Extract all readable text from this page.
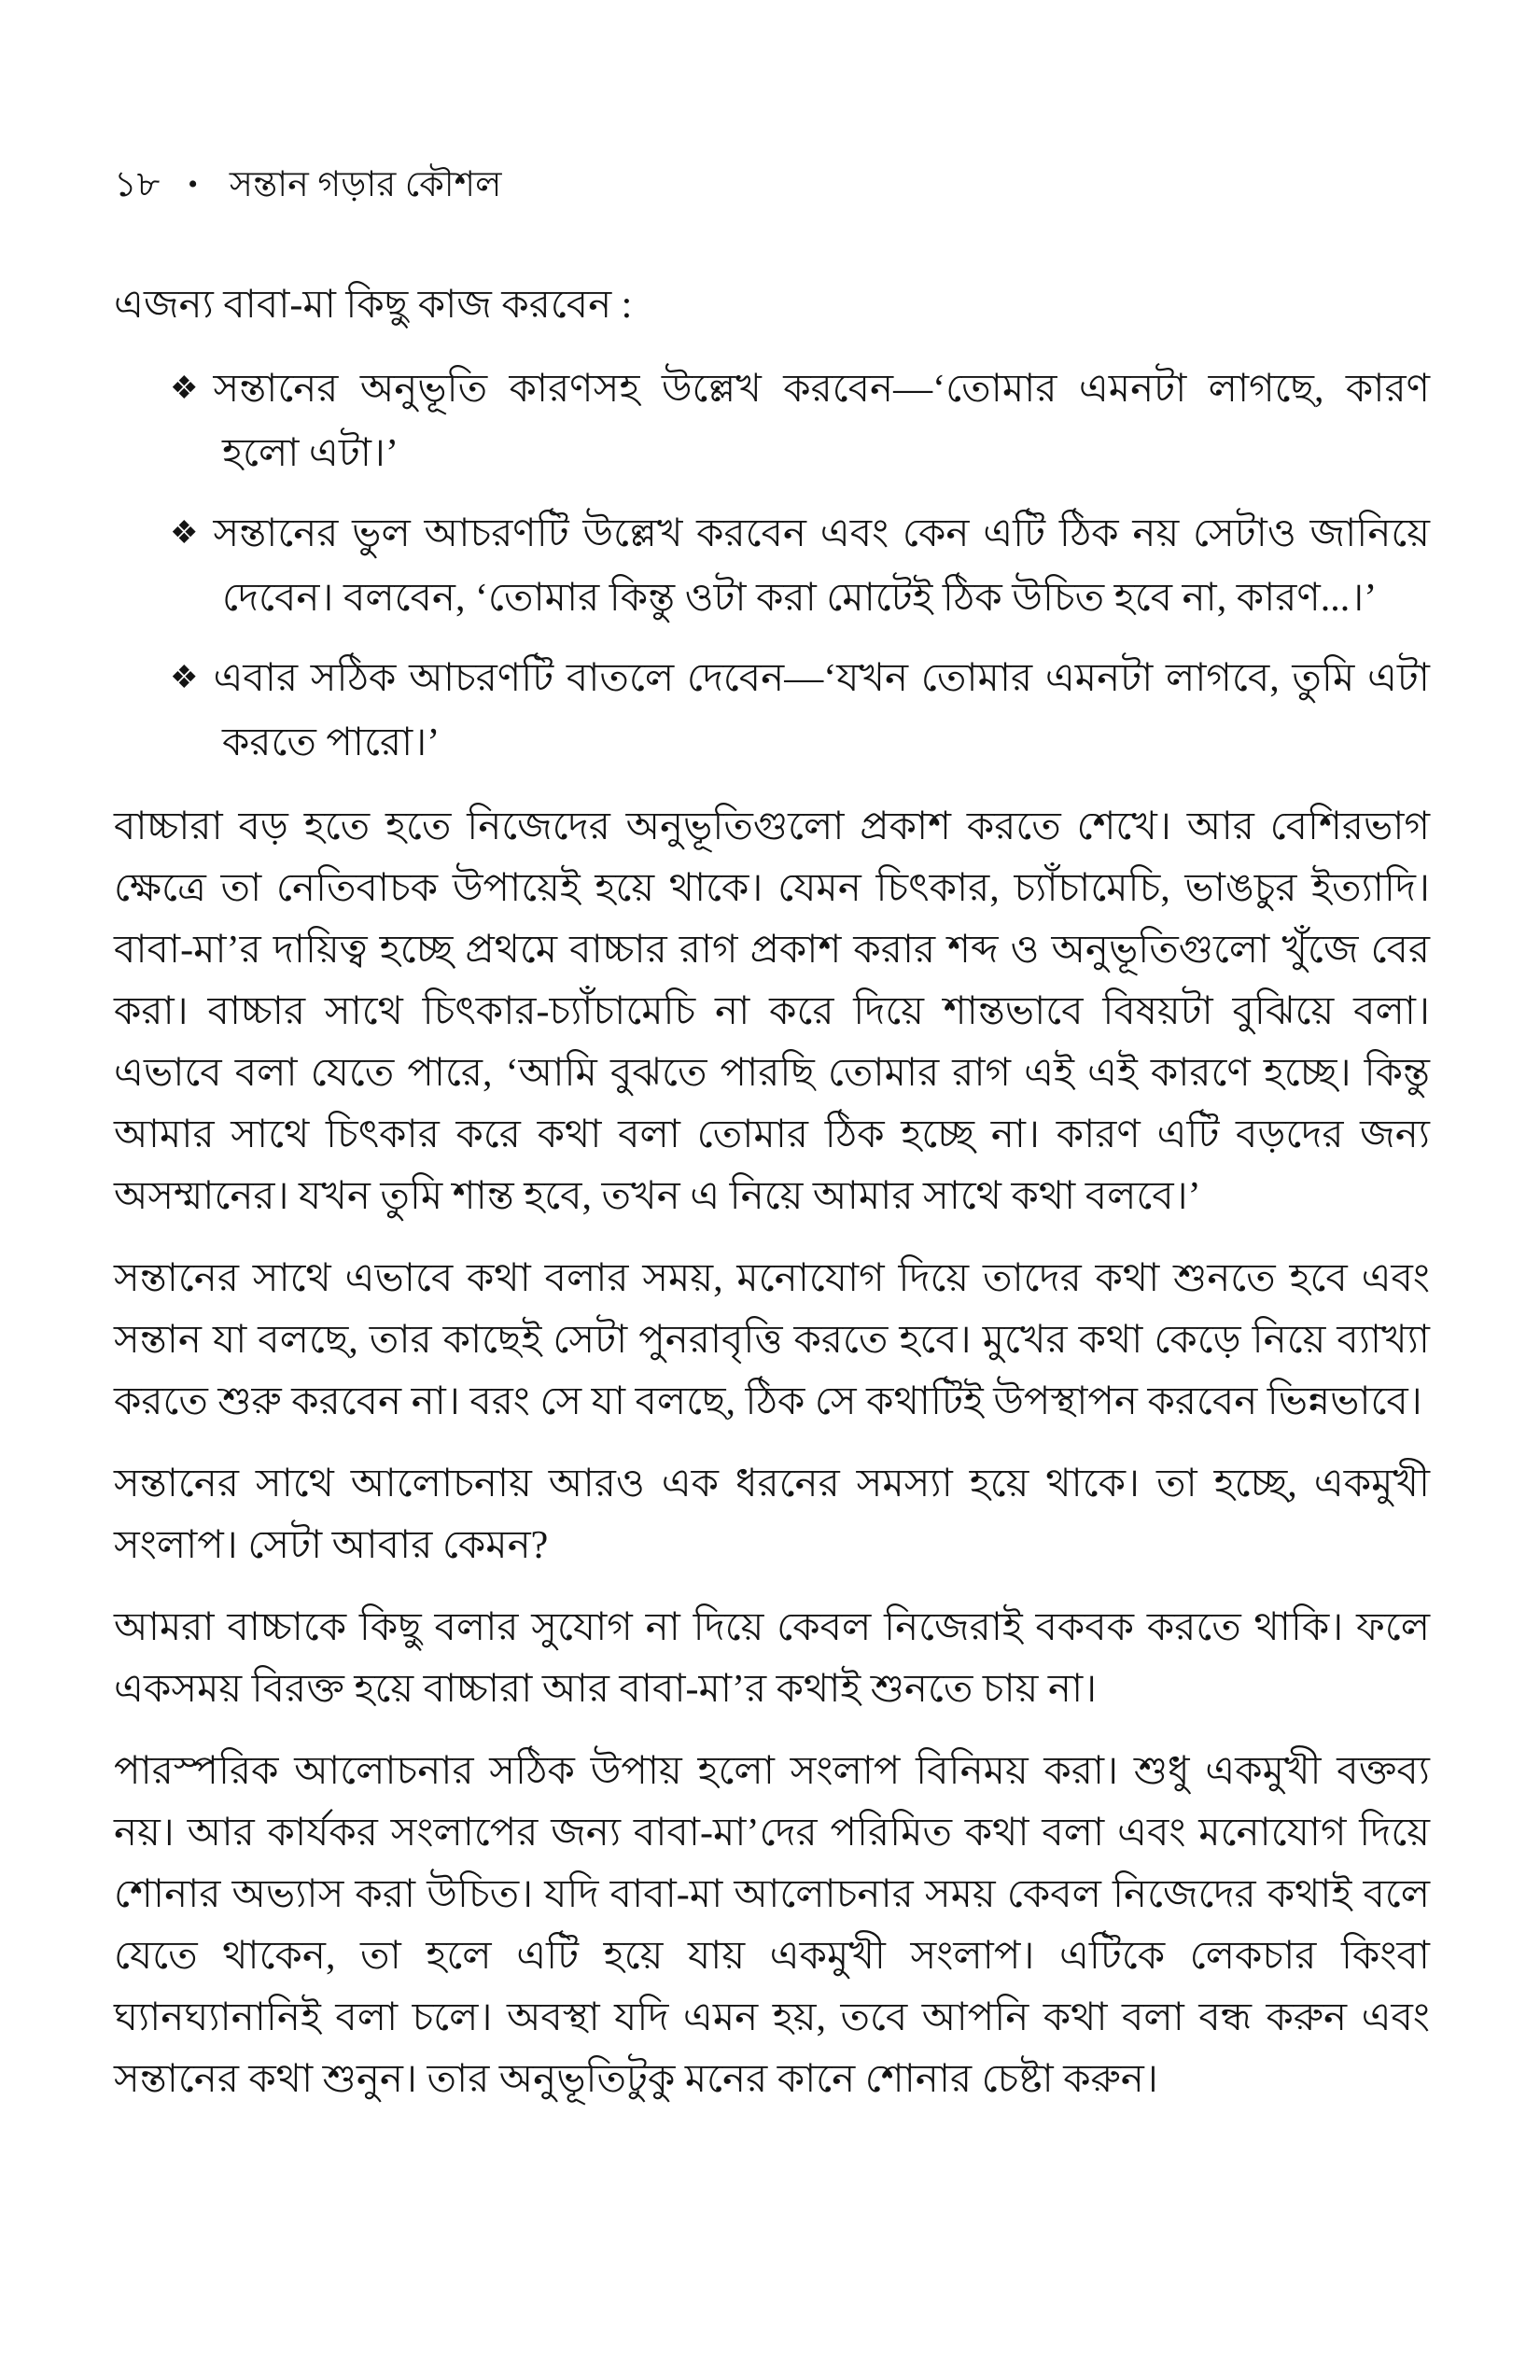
১৮ • সন্তান গড়ার কৌশল

এজন্য বাবা-মা কিছু কাজ করবেন :

❖ সন্তানের অনুভূতি কারণসহ উল্লেখ করবেন—‘তোমার এমনটা লাগছে, কারণ হলো এটা।’
❖ সন্তানের ভুল আচরণটি উল্লেখ করবেন এবং কেন এটি ঠিক নয় সেটাও জানিয়ে দেবেন। বলবেন, ‘তোমার কিন্তু ওটা করা মোটেই ঠিক উচিত হবে না, কারণ...।’
❖ এবার সঠিক আচরণটি বাতলে দেবেন—‘যখন তোমার এমনটা লাগবে, তুমি এটা করতে পারো।’

বাচ্চারা বড় হতে হতে নিজেদের অনুভূতিগুলো প্রকাশ করতে শেখে। আর বেশিরভাগ ক্ষেত্রে তা নেতিবাচক উপায়েই হয়ে থাকে। যেমন চিৎকার, চ্যাঁচামেচি, ভাঙচুর ইত্যাদি। বাবা-মা’র দায়িত্ব হচ্ছে প্রথমে বাচ্চার রাগ প্রকাশ করার শব্দ ও অনুভূতিগুলো খুঁজে বের করা। বাচ্চার সাথে চিৎকার-চ্যাঁচামেচি না করে দিয়ে শান্তভাবে বিষয়টা বুঝিয়ে বলা। এভাবে বলা যেতে পারে, ‘আমি বুঝতে পারছি তোমার রাগ এই এই কারণে হচ্ছে। কিন্তু আমার সাথে চিৎকার করে কথা বলা তোমার ঠিক হচ্ছে না। কারণ এটি বড়দের জন্য অসম্মানের। যখন তুমি শান্ত হবে, তখন এ নিয়ে আমার সাথে কথা বলবে।’

সন্তানের সাথে এভাবে কথা বলার সময়, মনোযোগ দিয়ে তাদের কথা শুনতে হবে এবং সন্তান যা বলছে, তার কাছেই সেটা পুনরাবৃত্তি করতে হবে। মুখের কথা কেড়ে নিয়ে ব্যাখ্যা করতে শুরু করবেন না। বরং সে যা বলছে, ঠিক সে কথাটিই উপস্থাপন করবেন ভিন্নভাবে।

সন্তানের সাথে আলোচনায় আরও এক ধরনের সমস্যা হয়ে থাকে। তা হচ্ছে, একমুখী সংলাপ। সেটা আবার কেমন?

আমরা বাচ্চাকে কিছু বলার সুযোগ না দিয়ে কেবল নিজেরাই বকবক করতে থাকি। ফলে একসময় বিরক্ত হয়ে বাচ্চারা আর বাবা-মা’র কথাই শুনতে চায় না।

পারস্পরিক আলোচনার সঠিক উপায় হলো সংলাপ বিনিময় করা। শুধু একমুখী বক্তব্য নয়। আর কার্যকর সংলাপের জন্য বাবা-মা’দের পরিমিত কথা বলা এবং মনোযোগ দিয়ে শোনার অভ্যাস করা উচিত। যদি বাবা-মা আলোচনার সময় কেবল নিজেদের কথাই বলে যেতে থাকেন, তা হলে এটি হয়ে যায় একমুখী সংলাপ। এটিকে লেকচার কিংবা ঘ্যানঘ্যানানিই বলা চলে। অবস্থা যদি এমন হয়, তবে আপনি কথা বলা বন্ধ করুন এবং সন্তানের কথা শুনুন। তার অনুভূতিটুকু মনের কানে শোনার চেষ্টা করুন।
